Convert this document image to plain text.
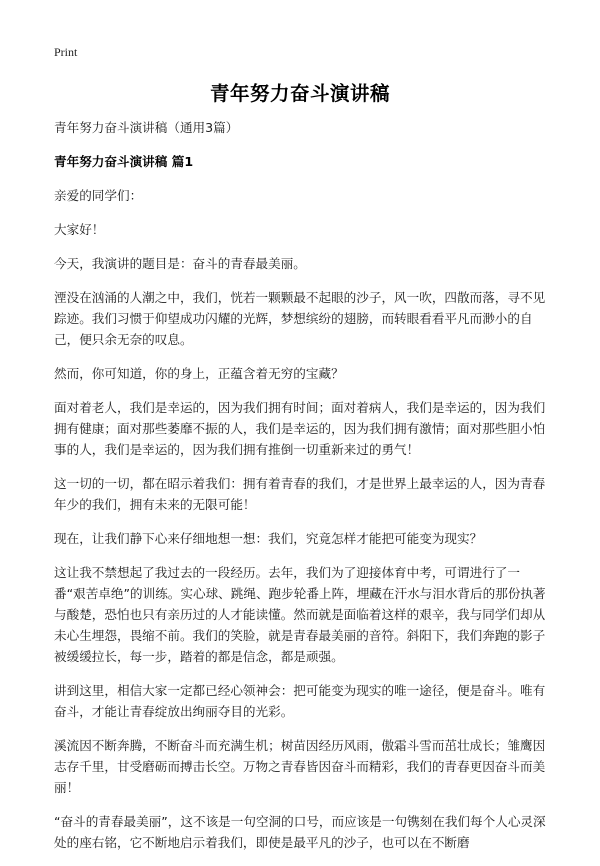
Print
青年努力奋斗演讲稿

青年努力奋斗演讲稿（通用3篇）

青年努力奋斗演讲稿 篇1

亲爱的同学们：

大家好！

今天，我演讲的题目是：奋斗的青春最美丽。

湮没在汹涌的人潮之中，我们，恍若一颗颗最不起眼的沙子，风一吹，四散而落，寻不见踪迹。我们习惯于仰望成功闪耀的光辉，梦想缤纷的翅膀，而转眼看看平凡而渺小的自己，便只余无奈的叹息。

然而，你可知道，你的身上，正蕴含着无穷的宝藏？

面对着老人，我们是幸运的，因为我们拥有时间；面对着病人，我们是幸运的，因为我们拥有健康；面对那些萎靡不振的人，我们是幸运的，因为我们拥有激情；面对那些胆小怕事的人，我们是幸运的，因为我们拥有推倒一切重新来过的勇气！

这一切的一切，都在昭示着我们：拥有着青春的我们，才是世界上最幸运的人，因为青春年少的我们，拥有未来的无限可能！

现在，让我们静下心来仔细地想一想：我们，究竟怎样才能把可能变为现实？

这让我不禁想起了我过去的一段经历。去年，我们为了迎接体育中考，可谓进行了一番“艰苦卓绝”的训练。实心球、跳绳、跑步轮番上阵，埋藏在汗水与泪水背后的那份执著与酸楚，恐怕也只有亲历过的人才能读懂。然而就是面临着这样的艰辛，我与同学们却从未心生埋怨，畏缩不前。我们的笑脸，就是青春最美丽的音符。斜阳下，我们奔跑的影子被缓缓拉长，每一步，踏着的都是信念，都是顽强。

讲到这里，相信大家一定都已经心领神会：把可能变为现实的唯一途径，便是奋斗。唯有奋斗，才能让青春绽放出绚丽夺目的光彩。

溪流因不断奔腾，不断奋斗而充满生机；树苗因经历风雨，傲霜斗雪而茁壮成长；雏鹰因志存千里，甘受磨砺而搏击长空。万物之青春皆因奋斗而精彩，我们的青春更因奋斗而美丽！

“奋斗的青春最美丽”，这不该是一句空洞的口号，而应该是一句镌刻在我们每个人心灵深处的座右铭，它不断地启示着我们，即使是最平凡的沙子，也可以在不断磨
